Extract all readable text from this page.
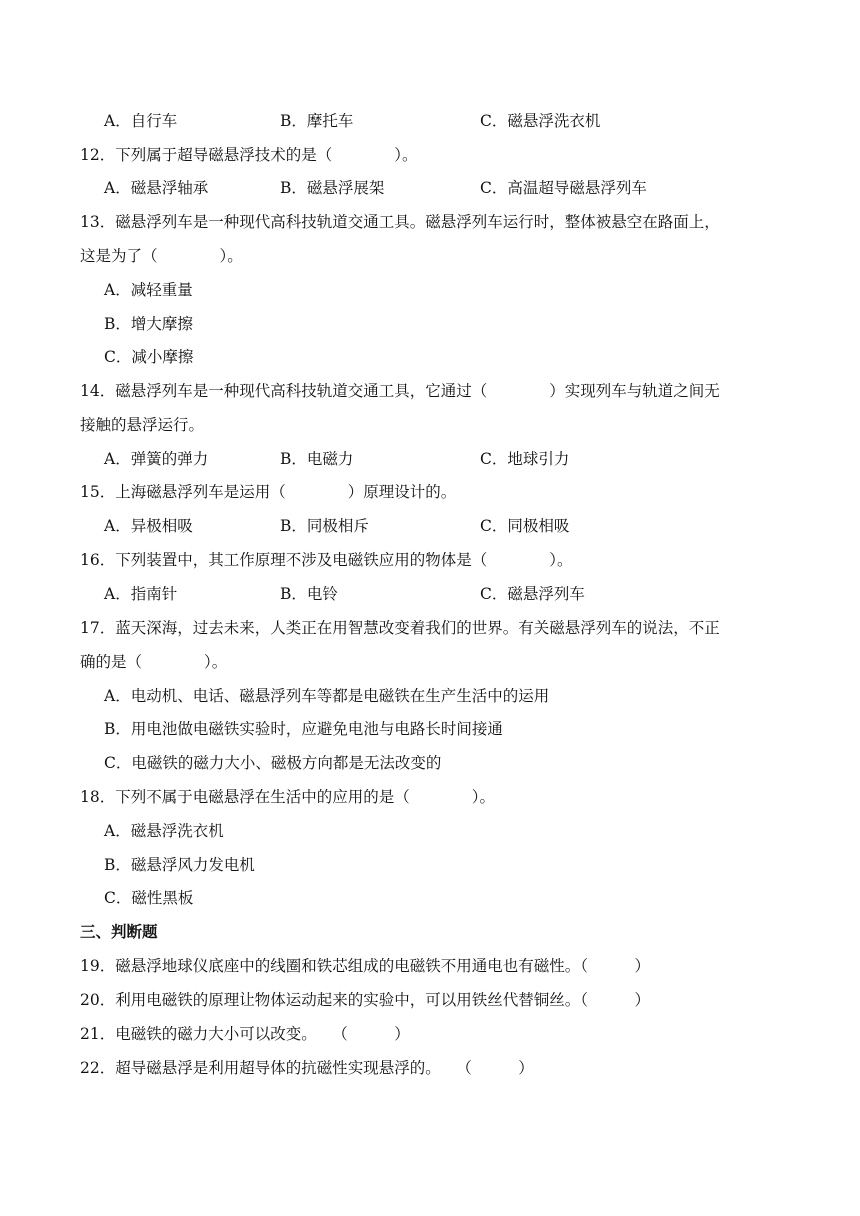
A．自行车	B．摩托车	C．磁悬浮洗衣机
12．下列属于超导磁悬浮技术的是（　　　　）。
A．磁悬浮轴承	B．磁悬浮展架	C．高温超导磁悬浮列车
13．磁悬浮列车是一种现代高科技轨道交通工具。磁悬浮列车运行时，整体被悬空在路面上，
这是为了（　　　　）。
A．减轻重量
B．增大摩擦
C．减小摩擦
14．磁悬浮列车是一种现代高科技轨道交通工具，它通过（　　　　）实现列车与轨道之间无
接触的悬浮运行。
A．弹簧的弹力	B．电磁力	C．地球引力
15．上海磁悬浮列车是运用（　　　　）原理设计的。
A．异极相吸	B．同极相斥	C．同极相吸
16．下列装置中，其工作原理不涉及电磁铁应用的物体是（　　　　）。
A．指南针	B．电铃	C．磁悬浮列车
17．蓝天深海，过去未来，人类正在用智慧改变着我们的世界。有关磁悬浮列车的说法，不正
确的是（　　　　）。
A．电动机、电话、磁悬浮列车等都是电磁铁在生产生活中的运用
B．用电池做电磁铁实验时，应避免电池与电路长时间接通
C．电磁铁的磁力大小、磁极方向都是无法改变的
18．下列不属于电磁悬浮在生活中的应用的是（　　　　）。
A．磁悬浮洗衣机
B．磁悬浮风力发电机
C．磁性黑板
三、判断题
19．磁悬浮地球仪底座中的线圈和铁芯组成的电磁铁不用通电也有磁性。（　　　）
20．利用电磁铁的原理让物体运动起来的实验中，可以用铁丝代替铜丝。（　　　）
21．电磁铁的磁力大小可以改变。　　（　　　）
22．超导磁悬浮是利用超导体的抗磁性实现悬浮的。　　（　　　）
